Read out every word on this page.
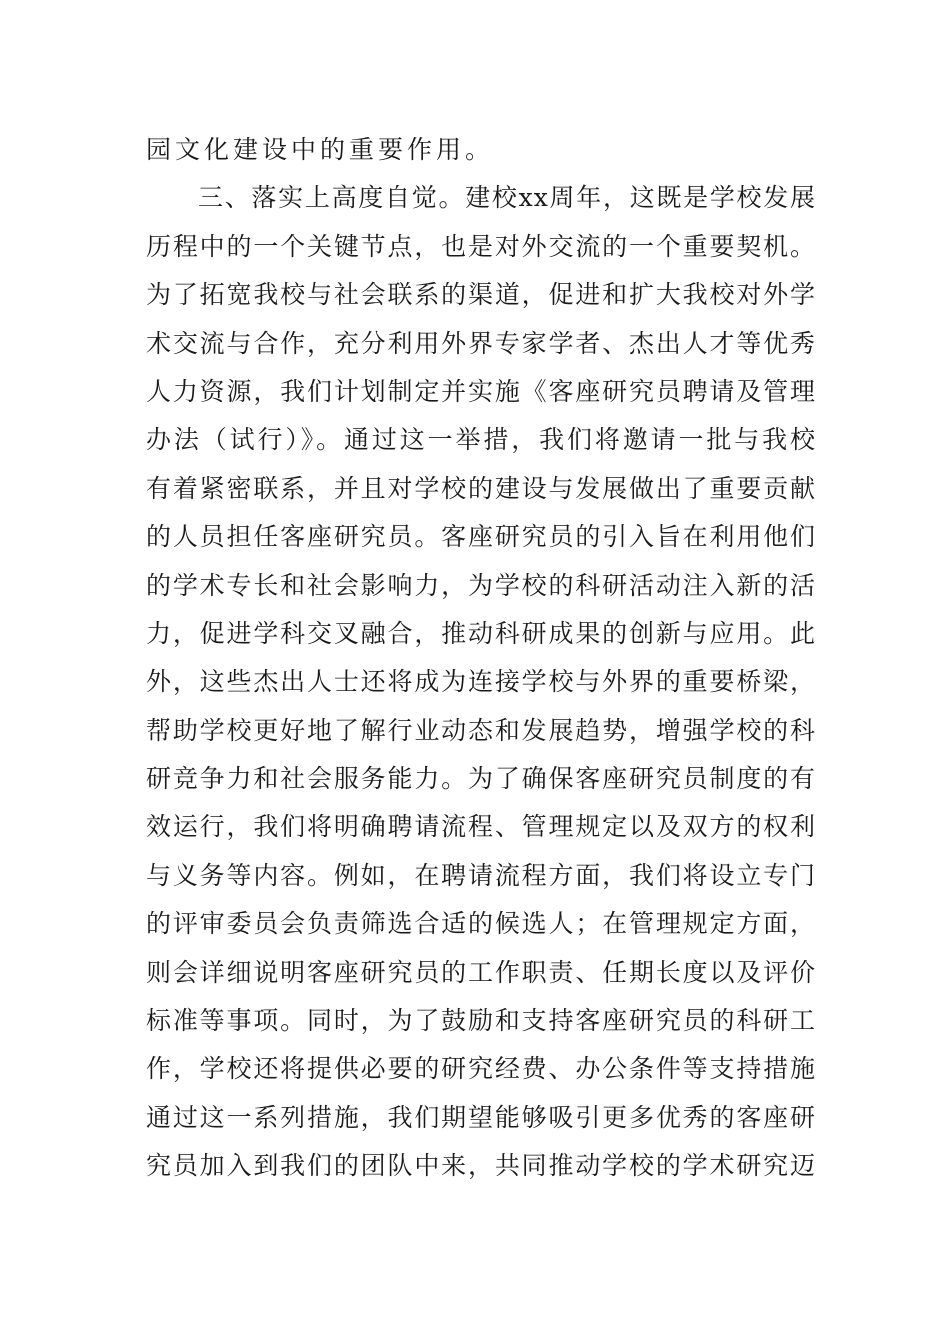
园文化建设中的重要作用。
三、落实上高度自觉。建校xx周年，这既是学校发展
历程中的一个关键节点，也是对外交流的一个重要契机。
为了拓宽我校与社会联系的渠道，促进和扩大我校对外学
术交流与合作，充分利用外界专家学者、杰出人才等优秀
人力资源，我们计划制定并实施《客座研究员聘请及管理
办法（试行）》。通过这一举措，我们将邀请一批与我校
有着紧密联系，并且对学校的建设与发展做出了重要贡献
的人员担任客座研究员。客座研究员的引入旨在利用他们
的学术专长和社会影响力，为学校的科研活动注入新的活
力，促进学科交叉融合，推动科研成果的创新与应用。此
外，这些杰出人士还将成为连接学校与外界的重要桥梁，
帮助学校更好地了解行业动态和发展趋势，增强学校的科
研竞争力和社会服务能力。为了确保客座研究员制度的有
效运行，我们将明确聘请流程、管理规定以及双方的权利
与义务等内容。例如，在聘请流程方面，我们将设立专门
的评审委员会负责筛选合适的候选人；在管理规定方面，
则会详细说明客座研究员的工作职责、任期长度以及评价
标准等事项。同时，为了鼓励和支持客座研究员的科研工
作，学校还将提供必要的研究经费、办公条件等支持措施
通过这一系列措施，我们期望能够吸引更多优秀的客座研
究员加入到我们的团队中来，共同推动学校的学术研究迈
